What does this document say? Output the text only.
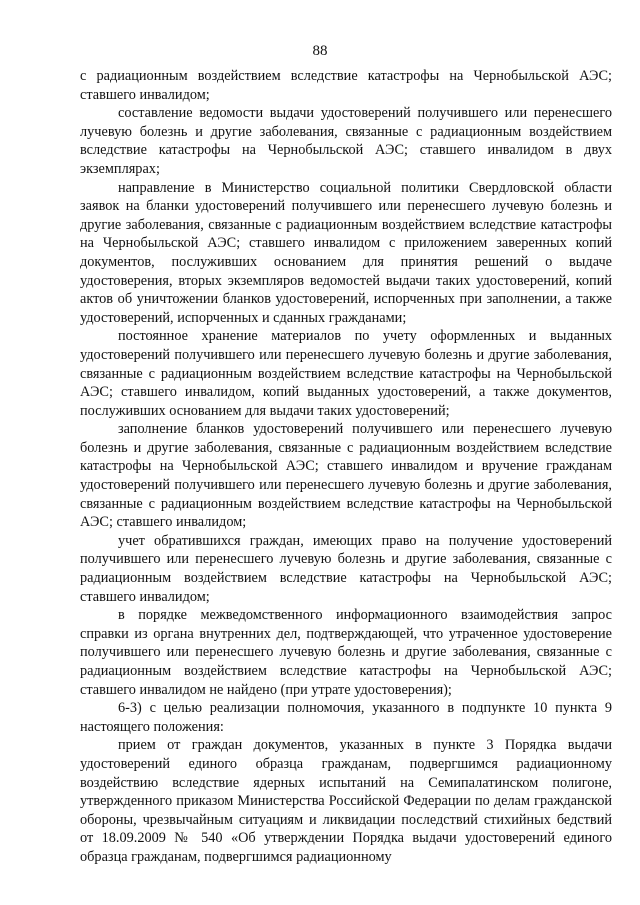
88

с радиационным воздействием вследствие катастрофы на Чернобыльской АЭС; ставшего инвалидом;

составление ведомости выдачи удостоверений получившего или перенесшего лучевую болезнь и другие заболевания, связанные с радиационным воздействием вследствие катастрофы на Чернобыльской АЭС; ставшего инвалидом в двух экземплярах;

направление в Министерство социальной политики Свердловской области заявок на бланки удостоверений получившего или перенесшего лучевую болезнь и другие заболевания, связанные с радиационным воздействием вследствие катастрофы на Чернобыльской АЭС; ставшего инвалидом с приложением заверенных копий документов, послуживших основанием для принятия решений о выдаче удостоверения, вторых экземпляров ведомостей выдачи таких удостоверений, копий актов об уничтожении бланков удостоверений, испорченных при заполнении, а также удостоверений, испорченных и сданных гражданами;

постоянное хранение материалов по учету оформленных и выданных удостоверений получившего или перенесшего лучевую болезнь и другие заболевания, связанные с радиационным воздействием вследствие катастрофы на Чернобыльской АЭС; ставшего инвалидом, копий выданных удостоверений, а также документов, послуживших основанием для выдачи таких удостоверений;

заполнение бланков удостоверений получившего или перенесшего лучевую болезнь и другие заболевания, связанные с радиационным воздействием вследствие катастрофы на Чернобыльской АЭС; ставшего инвалидом и вручение гражданам удостоверений получившего или перенесшего лучевую болезнь и другие заболевания, связанные с радиационным воздействием вследствие катастрофы на Чернобыльской АЭС; ставшего инвалидом;

учет обратившихся граждан, имеющих право на получение удостоверений получившего или перенесшего лучевую болезнь и другие заболевания, связанные с радиационным воздействием вследствие катастрофы на Чернобыльской АЭС; ставшего инвалидом;

в порядке межведомственного информационного взаимодействия запрос справки из органа внутренних дел, подтверждающей, что утраченное удостоверение получившего или перенесшего лучевую болезнь и другие заболевания, связанные с радиационным воздействием вследствие катастрофы на Чернобыльской АЭС; ставшего инвалидом не найдено (при утрате удостоверения);

6-3) с целью реализации полномочия, указанного в подпункте 10 пункта 9 настоящего положения:

прием от граждан документов, указанных в пункте 3 Порядка выдачи удостоверений единого образца гражданам, подвергшимся радиационному воздействию вследствие ядерных испытаний на Семипалатинском полигоне, утвержденного приказом Министерства Российской Федерации по делам гражданской обороны, чрезвычайным ситуациям и ликвидации последствий стихийных бедствий от 18.09.2009 № 540 «Об утверждении Порядка выдачи удостоверений единого образца гражданам, подвергшимся радиационному
